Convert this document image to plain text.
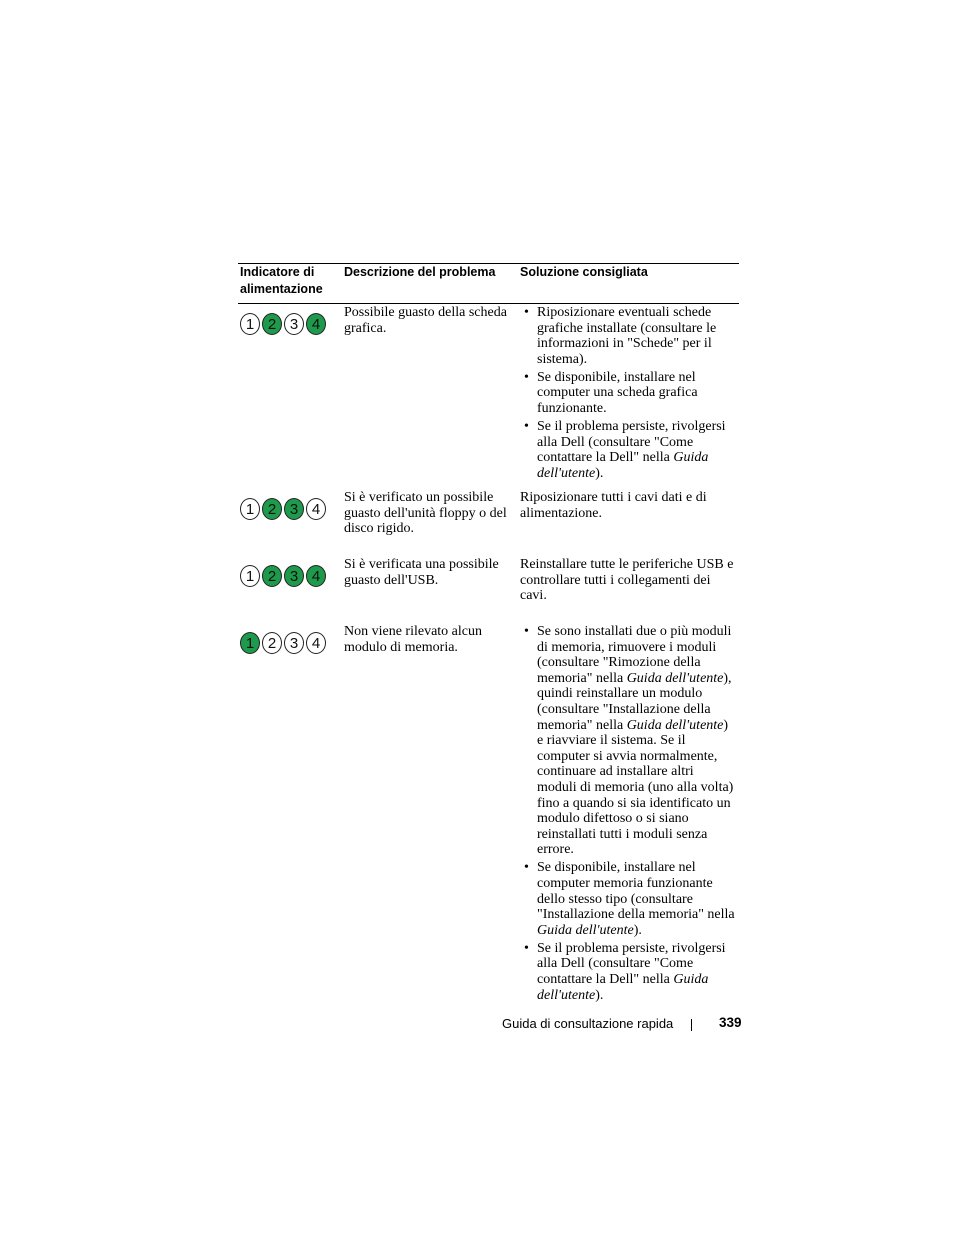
Indicatore di alimentazione
Descrizione del problema	Soluzione consigliata
1 2 3 4
Possibile guasto della scheda grafica.
• Riposizionare eventuali schede grafiche installate (consultare le informazioni in "Schede" per il sistema).
• Se disponibile, installare nel computer una scheda grafica funzionante.
• Se il problema persiste, rivolgersi alla Dell (consultare "Come contattare la Dell" nella Guida dell'utente).
1 2 3 4
Si è verificato un possibile guasto dell'unità floppy o del disco rigido.
Riposizionare tutti i cavi dati e di alimentazione.
1 2 3 4
Si è verificata una possibile guasto dell'USB.
Reinstallare tutte le periferiche USB e controllare tutti i collegamenti dei cavi.
1 2 3 4
Non viene rilevato alcun modulo di memoria.
• Se sono installati due o più moduli di memoria, rimuovere i moduli (consultare "Rimozione della memoria" nella Guida dell'utente), quindi reinstallare un modulo (consultare "Installazione della memoria" nella Guida dell'utente) e riavviare il sistema. Se il computer si avvia normalmente, continuare ad installare altri moduli di memoria (uno alla volta) fino a quando si sia identificato un modulo difettoso o si siano reinstallati tutti i moduli senza errore.
• Se disponibile, installare nel computer memoria funzionante dello stesso tipo (consultare "Installazione della memoria" nella Guida dell'utente).
• Se il problema persiste, rivolgersi alla Dell (consultare "Come contattare la Dell" nella Guida dell'utente).
Guida di consultazione rapida	339
